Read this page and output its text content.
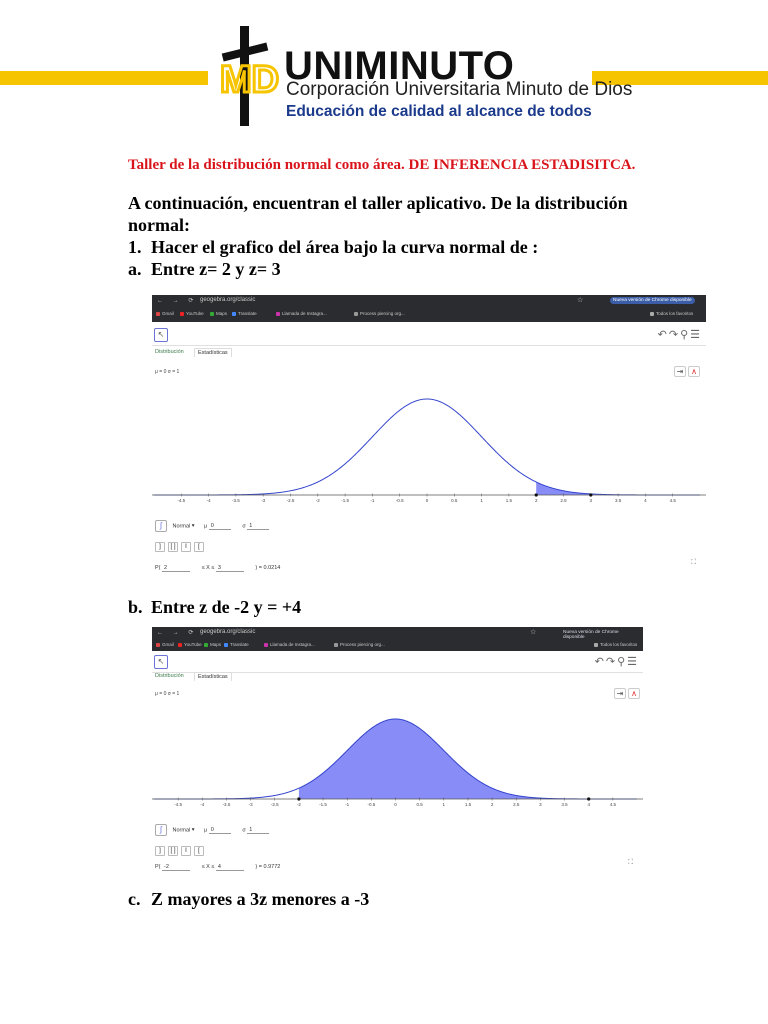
MD UNIMINUTO
Corporación Universitaria Minuto de Dios
Educación de calidad al alcance de todos
Taller de la distribución normal como área. DE INFERENCIA ESTADISITCA.
A continuación, encuentran el taller aplicativo. De la distribución
normal:
1. Hacer el grafico del área bajo la curva normal de :
a. Entre z= 2 y z= 3
← → ⟳ geogebra.org/classic	☆	Nueva versión de Chrome disponible
Gmail	YouTube	Maps	Translate	Llamada de Instagra...	Process piercing org...	Todos los favoritos
↖	↶↷⚲☰
Distribución	Estadísticas
μ = 0 σ = 1	⇥ ∧
-4.5	-4	-3.5	-3	-2.5	-2	-1.5	-1	-0.5	0	0.5	1	1.5	2	2.5	3	3.5	4	4.5
∫ Normal ▾ μ 0	σ 1
] [ ] I [
P( 2	≤ X ≤ 3	) = 0.0214
⛶
b. Entre z de -2 y = +4
← → ⟳ geogebra.org/classic	☆	Nueva versión de Chrome disponible
Gmail	YouTube	Maps	Translate	Llamada de Instagra...	Process piercing org...	Todos los favoritos
↖	↶↷⚲☰
Distribución	Estadísticas
μ = 0 σ = 1	⇥ ∧
-4.5	-4	-3.5	-3	-2.5	-2	-1.5	-1	-0.5	0	0.5	1	1.5	2	2.5	3	3.5	4	4.5
∫ Normal ▾ μ 0	σ 1
] [ ] I [
P( -2	≤ X ≤ 4	) = 0.9772
⛶
c. Z mayores a 3z menores a -3
